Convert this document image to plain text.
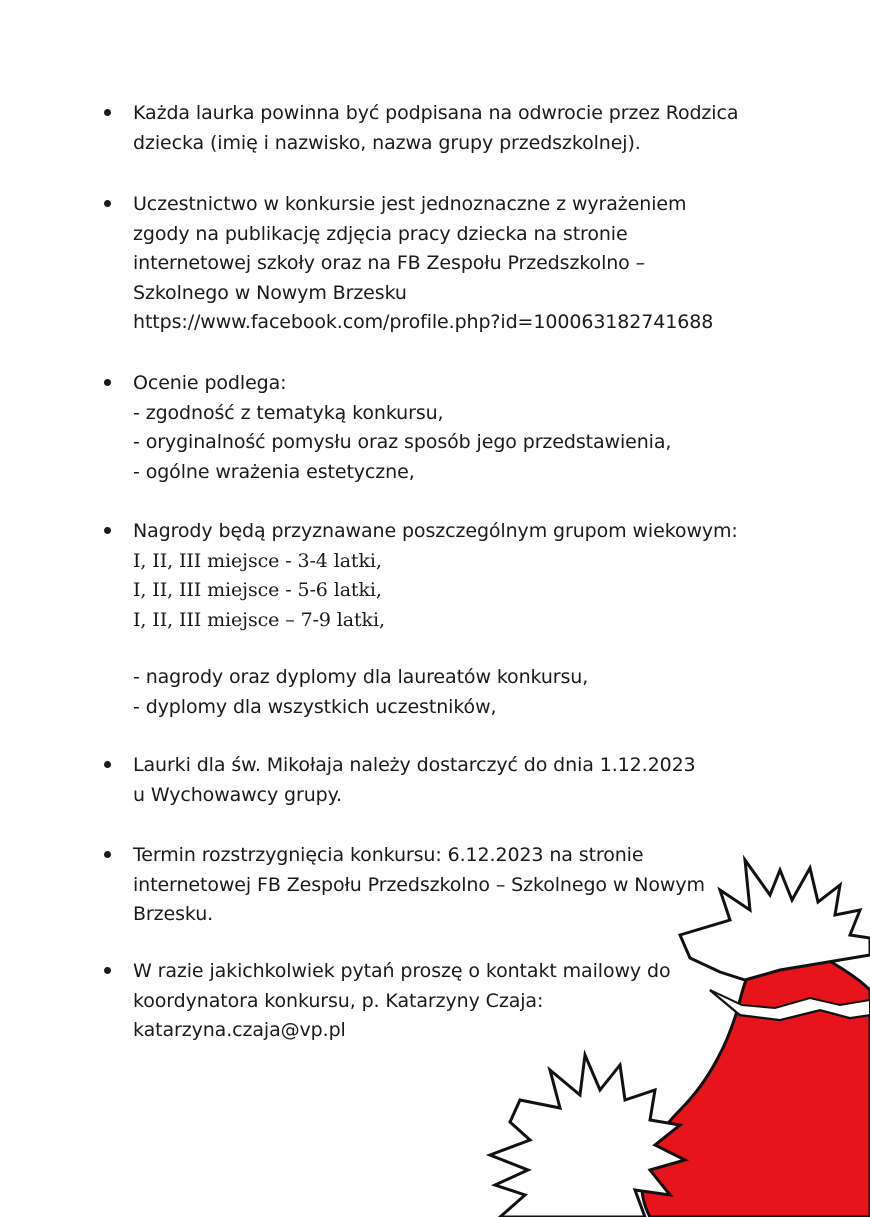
Każda laurka powinna być podpisana na odwrocie przez Rodzica
dziecka (imię i nazwisko, nazwa grupy przedszkolnej).
Uczestnictwo w konkursie jest jednoznaczne z wyrażeniem
zgody na publikację zdjęcia pracy dziecka na stronie
internetowej szkoły oraz na FB Zespołu Przedszkolno –
Szkolnego w Nowym Brzesku
https://www.facebook.com/profile.php?id=100063182741688
Ocenie podlega:
- zgodność z tematyką konkursu,
- oryginalność pomysłu oraz sposób jego przedstawienia,
- ogólne wrażenia estetyczne,
Nagrody będą przyznawane poszczególnym grupom wiekowym:
I, II, III miejsce - 3-4 latki,
I, II, III miejsce - 5-6 latki,
I, II, III miejsce – 7-9 latki,
- nagrody oraz dyplomy dla laureatów konkursu,
- dyplomy dla wszystkich uczestników,
Laurki dla św. Mikołaja należy dostarczyć do dnia 1.12.2023
u Wychowawcy grupy.
Termin rozstrzygnięcia konkursu: 6.12.2023 na stronie
internetowej FB Zespołu Przedszkolno – Szkolnego w Nowym
Brzesku.
W razie jakichkolwiek pytań proszę o kontakt mailowy do
koordynatora konkursu, p. Katarzyny Czaja:
katarzyna.czaja@vp.pl
